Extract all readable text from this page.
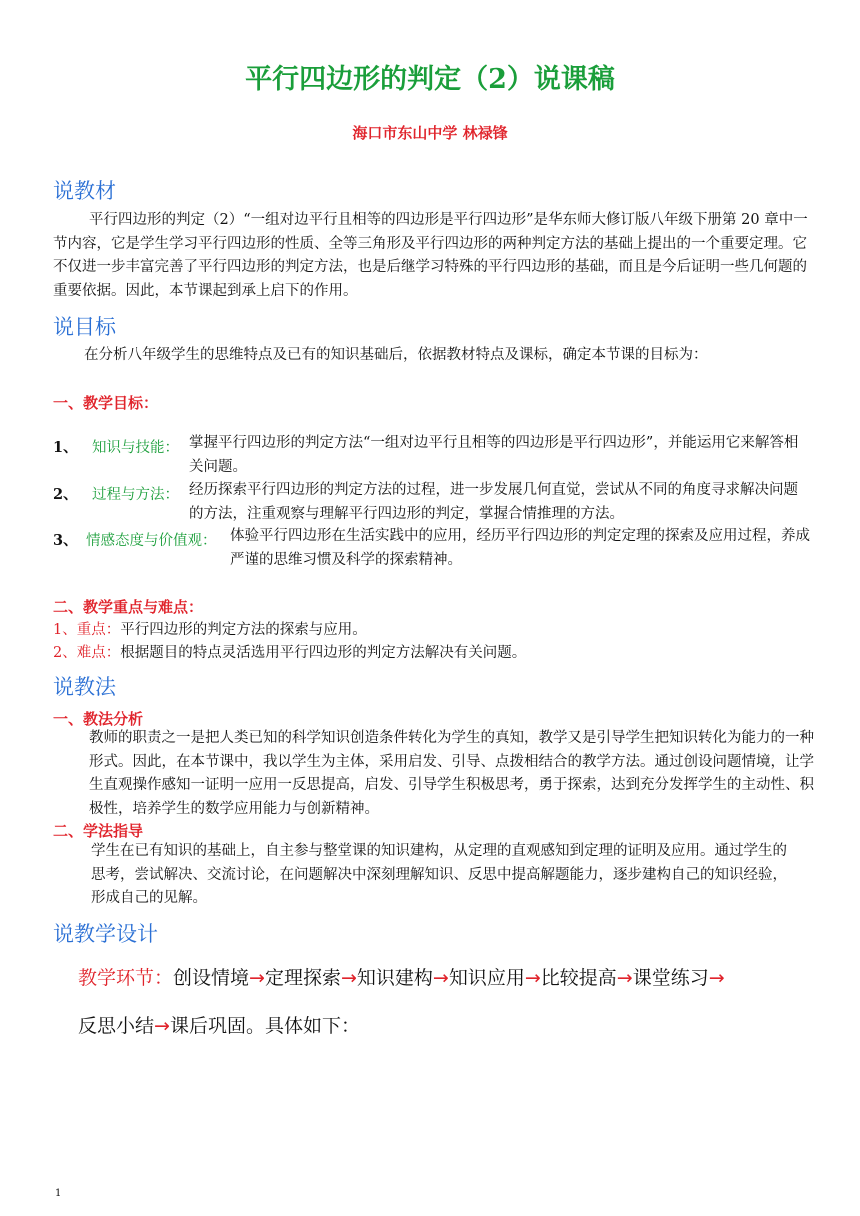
平行四边形的判定（2）说课稿
海口市东山中学 林禄锋
说教材
平行四边形的判定（2）“一组对边平行且相等的四边形是平行四边形”是华东师大修订版八年级下册第 20 章中一节内容，它是学生学习平行四边形的性质、全等三角形及平行四边形的两种判定方法的基础上提出的一个重要定理。它不仅进一步丰富完善了平行四边形的判定方法，也是后继学习特殊的平行四边形的基础，而且是今后证明一些几何题的重要依据。因此，本节课起到承上启下的作用。
说目标
在分析八年级学生的思维特点及已有的知识基础后，依据教材特点及课标，确定本节课的目标为：
一、教学目标：
1、 知识与技能： 掌握平行四边形的判定方法“一组对边平行且相等的四边形是平行四边形”，并能运用它来解答相关问题。
2、 过程与方法： 经历探索平行四边形的判定方法的过程，进一步发展几何直觉，尝试从不同的角度寻求解决问题 的方法，注重观察与理解平行四边形的判定，掌握合情推理的方法。
3、 情感态度与价值观： 体验平行四边形在生活实践中的应用，经历平行四边形的判定定理的探索及应用过程，养成 严谨的思维习惯及科学的探索精神。
二、教学重点与难点：
1、重点：平行四边形的判定方法的探索与应用。
2、难点：根据题目的特点灵活选用平行四边形的判定方法解决有关问题。
说教法
一、教法分析
教师的职责之一是把人类已知的科学知识创造条件转化为学生的真知，教学又是引导学生把知识转化为能力的一种形式。因此，在本节课中，我以学生为主体，采用启发、引导、点拨相结合的教学方法。通过创设问题情境，让学生直观操作感知一证明一应用一反思提高，启发、引导学生积极思考，勇于探索，达到充分发挥学生的主动性、积极性，培养学生的数学应用能力与创新精神。
二、学法指导
学生在已有知识的基础上，自主参与整堂课的知识建构，从定理的直观感知到定理的证明及应用。通过学生的 思考，尝试解决、交流讨论，在问题解决中深刻理解知识、反思中提高解题能力，逐步建构自己的知识经验， 形成自己的见解。
说教学设计
教学环节：创设情境→定理探索→知识建构→知识应用→比较提高→课堂练习→
反思小结→课后巩固。具体如下：
1
